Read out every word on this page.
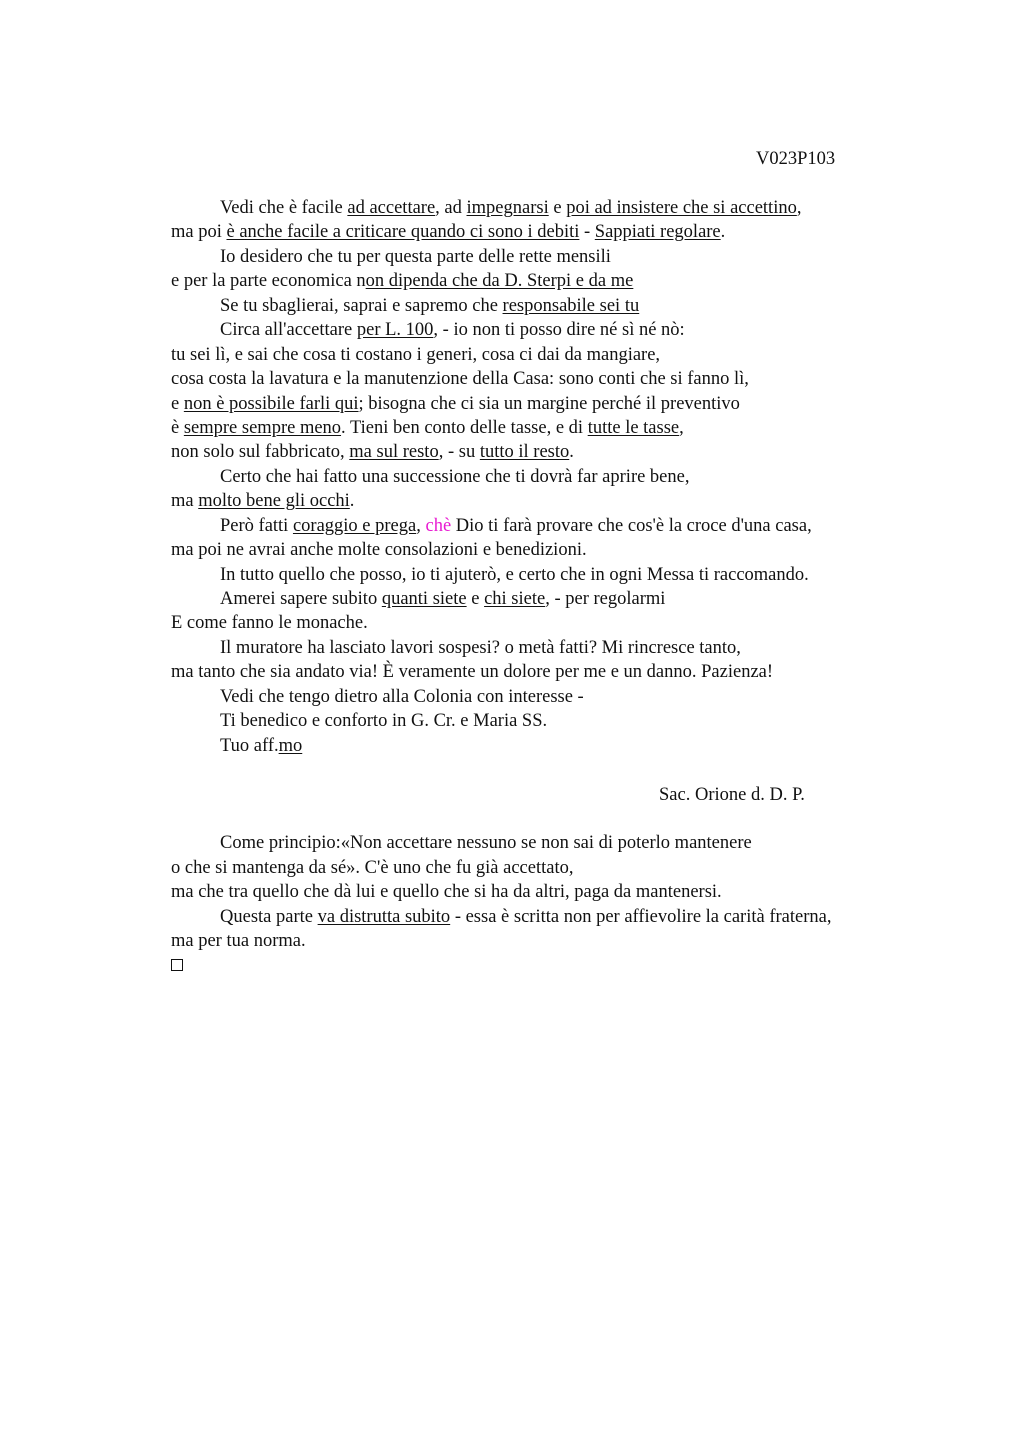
V023P103
Vedi che è facile ad accettare, ad impegnarsi e poi ad insistere che si accettino,
ma poi è anche facile a criticare quando ci sono i debiti - Sappiati regolare.
Io desidero che tu per questa parte delle rette mensili
e per la parte economica non dipenda che da D. Sterpi e da me
Se tu sbaglierai, saprai e sapremo che responsabile sei tu
Circa all'accettare per L. 100, - io non ti posso dire né sì né nò:
tu sei lì, e sai che cosa ti costano i generi, cosa ci dai da mangiare,
cosa costa la lavatura e la manutenzione della Casa: sono conti che si fanno lì,
e non è possibile farli qui; bisogna che ci sia un margine perché il preventivo
è sempre sempre meno. Tieni ben conto delle tasse, e di tutte le tasse,
non solo sul fabbricato, ma sul resto, - su tutto il resto.
Certo che hai fatto una successione che ti dovrà far aprire bene,
ma molto bene gli occhi.
Però fatti coraggio e prega, chè Dio ti farà provare che cos'è la croce d'una casa,
ma poi ne avrai anche molte consolazioni e benedizioni.
In tutto quello che posso, io ti ajuterò, e certo che in ogni Messa ti raccomando.
Amerei sapere subito quanti siete e chi siete, - per regolarmi
E come fanno le monache.
Il muratore ha lasciato lavori sospesi? o metà fatti? Mi rincresce tanto,
ma tanto che sia andato via! È veramente un dolore per me e un danno. Pazienza!
Vedi che tengo dietro alla Colonia con interesse -
Ti benedico e conforto in G. Cr. e Maria SS.
Tuo aff.mo
Sac. Orione d. D. P.
Come principio:«Non accettare nessuno se non sai di poterlo mantenere
o che si mantenga da sé». C'è uno che fu già accettato,
ma che tra quello che dà lui e quello che si ha da altri, paga da mantenersi.
Questa parte va distrutta subito - essa è scritta non per affievolire la carità fraterna,
ma per tua norma.
